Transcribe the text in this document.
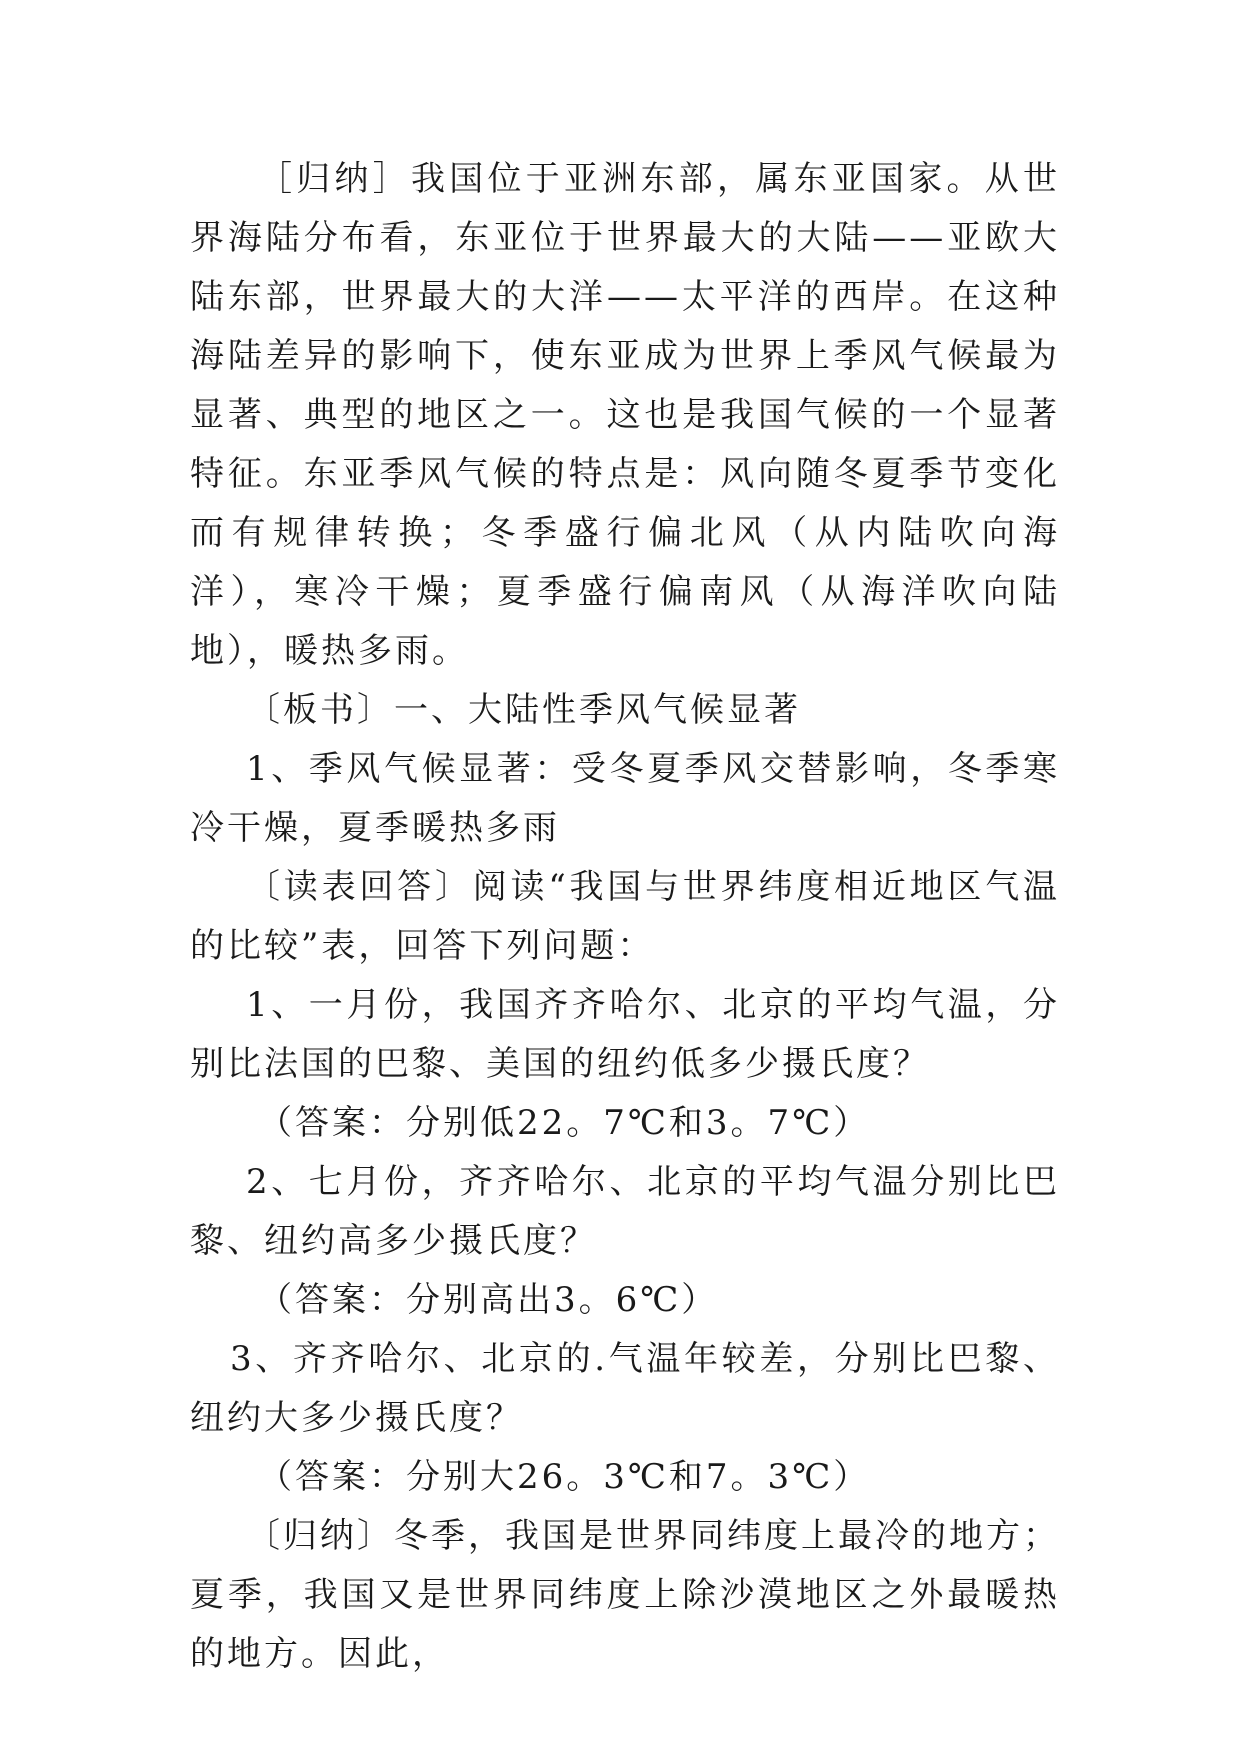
［归纳］我国位于亚洲东部，属东亚国家。从世界海陆分布看，东亚位于世界最大的大陆——亚欧大陆东部，世界最大的大洋——太平洋的西岸。在这种海陆差异的影响下，使东亚成为世界上季风气候最为显著、典型的地区之一。这也是我国气候的一个显著特征。东亚季风气候的特点是：风向随冬夏季节变化而有规律转换；冬季盛行偏北风（从内陆吹向海洋），寒冷干燥；夏季盛行偏南风（从海洋吹向陆地），暖热多雨。

〔板书〕一、大陆性季风气候显著

1、季风气候显著：受冬夏季风交替影响，冬季寒冷干燥，夏季暖热多雨

〔读表回答〕阅读“我国与世界纬度相近地区气温的比较”表，回答下列问题：

1、一月份，我国齐齐哈尔、北京的平均气温，分别比法国的巴黎、美国的纽约低多少摄氏度？

（答案：分别低22。7℃和3。7℃）

2、七月份，齐齐哈尔、北京的平均气温分别比巴黎、纽约高多少摄氏度？

（答案：分别高出3。6℃）

3、齐齐哈尔、北京的.气温年较差，分别比巴黎、纽约大多少摄氏度？

（答案：分别大26。3℃和7。3℃）

〔归纳〕冬季，我国是世界同纬度上最冷的地方；夏季，我国又是世界同纬度上除沙漠地区之外最暖热的地方。因此，
